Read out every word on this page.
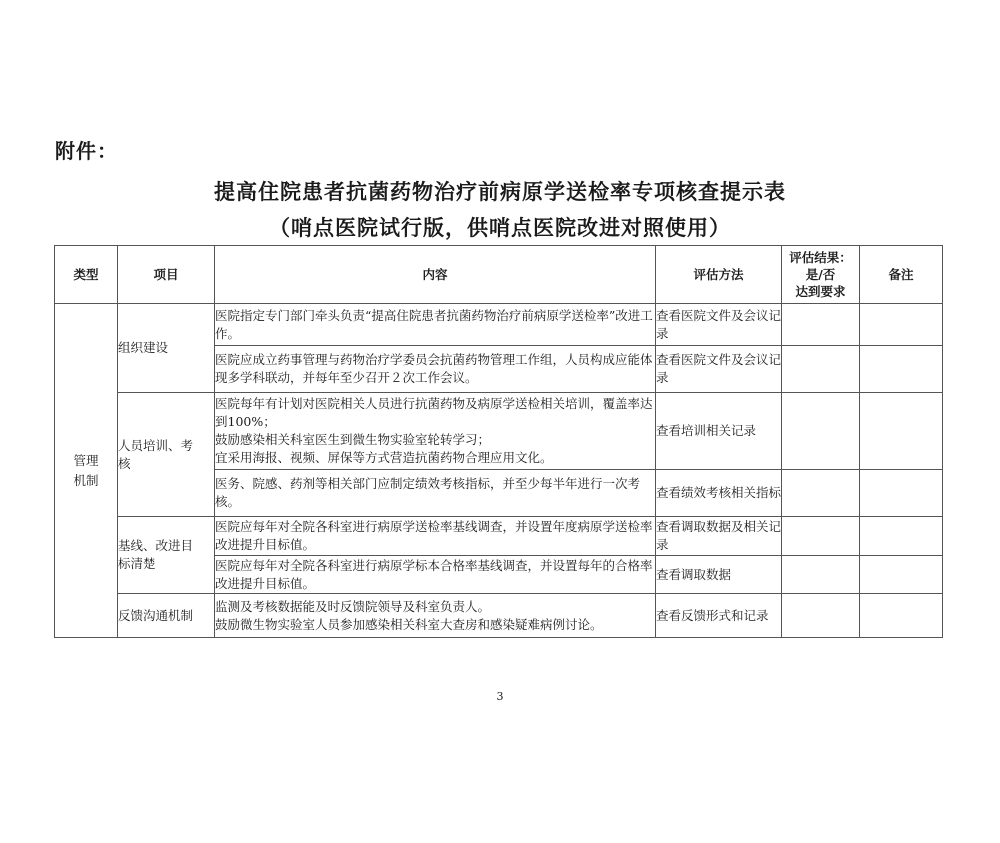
附件：
提高住院患者抗菌药物治疗前病原学送检率专项核查提示表
（哨点医院试行版，供哨点医院改进对照使用）
类型	项目	内容	评估方法	评估结果：
是/否
达到要求	备注

管理机制	组织建设	医院指定专门部门牵头负责“提高住院患者抗菌药物治疗前病原学送检率”改进工作。	查看医院文件及会议记录		
		医院应成立药事管理与药物治疗学委员会抗菌药物管理工作组，人员构成应能体现多学科联动，并每年至少召开２次工作会议。	查看医院文件及会议记录		

	人员培训、考核	医院每年有计划对医院相关人员进行抗菌药物及病原学送检相关培训，覆盖率达到100%；
鼓励感染相关科室医生到微生物实验室轮转学习；
宜采用海报、视频、屏保等方式营造抗菌药物合理应用文化。	查看培训相关记录		
		医务、院感、药剂等相关部门应制定绩效考核指标，并至少每半年进行一次考核。	查看绩效考核相关指标		

	基线、改进目标清楚	医院应每年对全院各科室进行病原学送检率基线调查，并设置年度病原学送检率改进提升目标值。	查看调取数据及相关记录		
		医院应每年对全院各科室进行病原学标本合格率基线调查，并设置每年的合格率改进提升目标值。	查看调取数据		
	反馈沟通机制	监测及考核数据能及时反馈院领导及科室负责人。
鼓励微生物实验室人员参加感染相关科室大查房和感染疑难病例讨论。	查看反馈形式和记录		
3
